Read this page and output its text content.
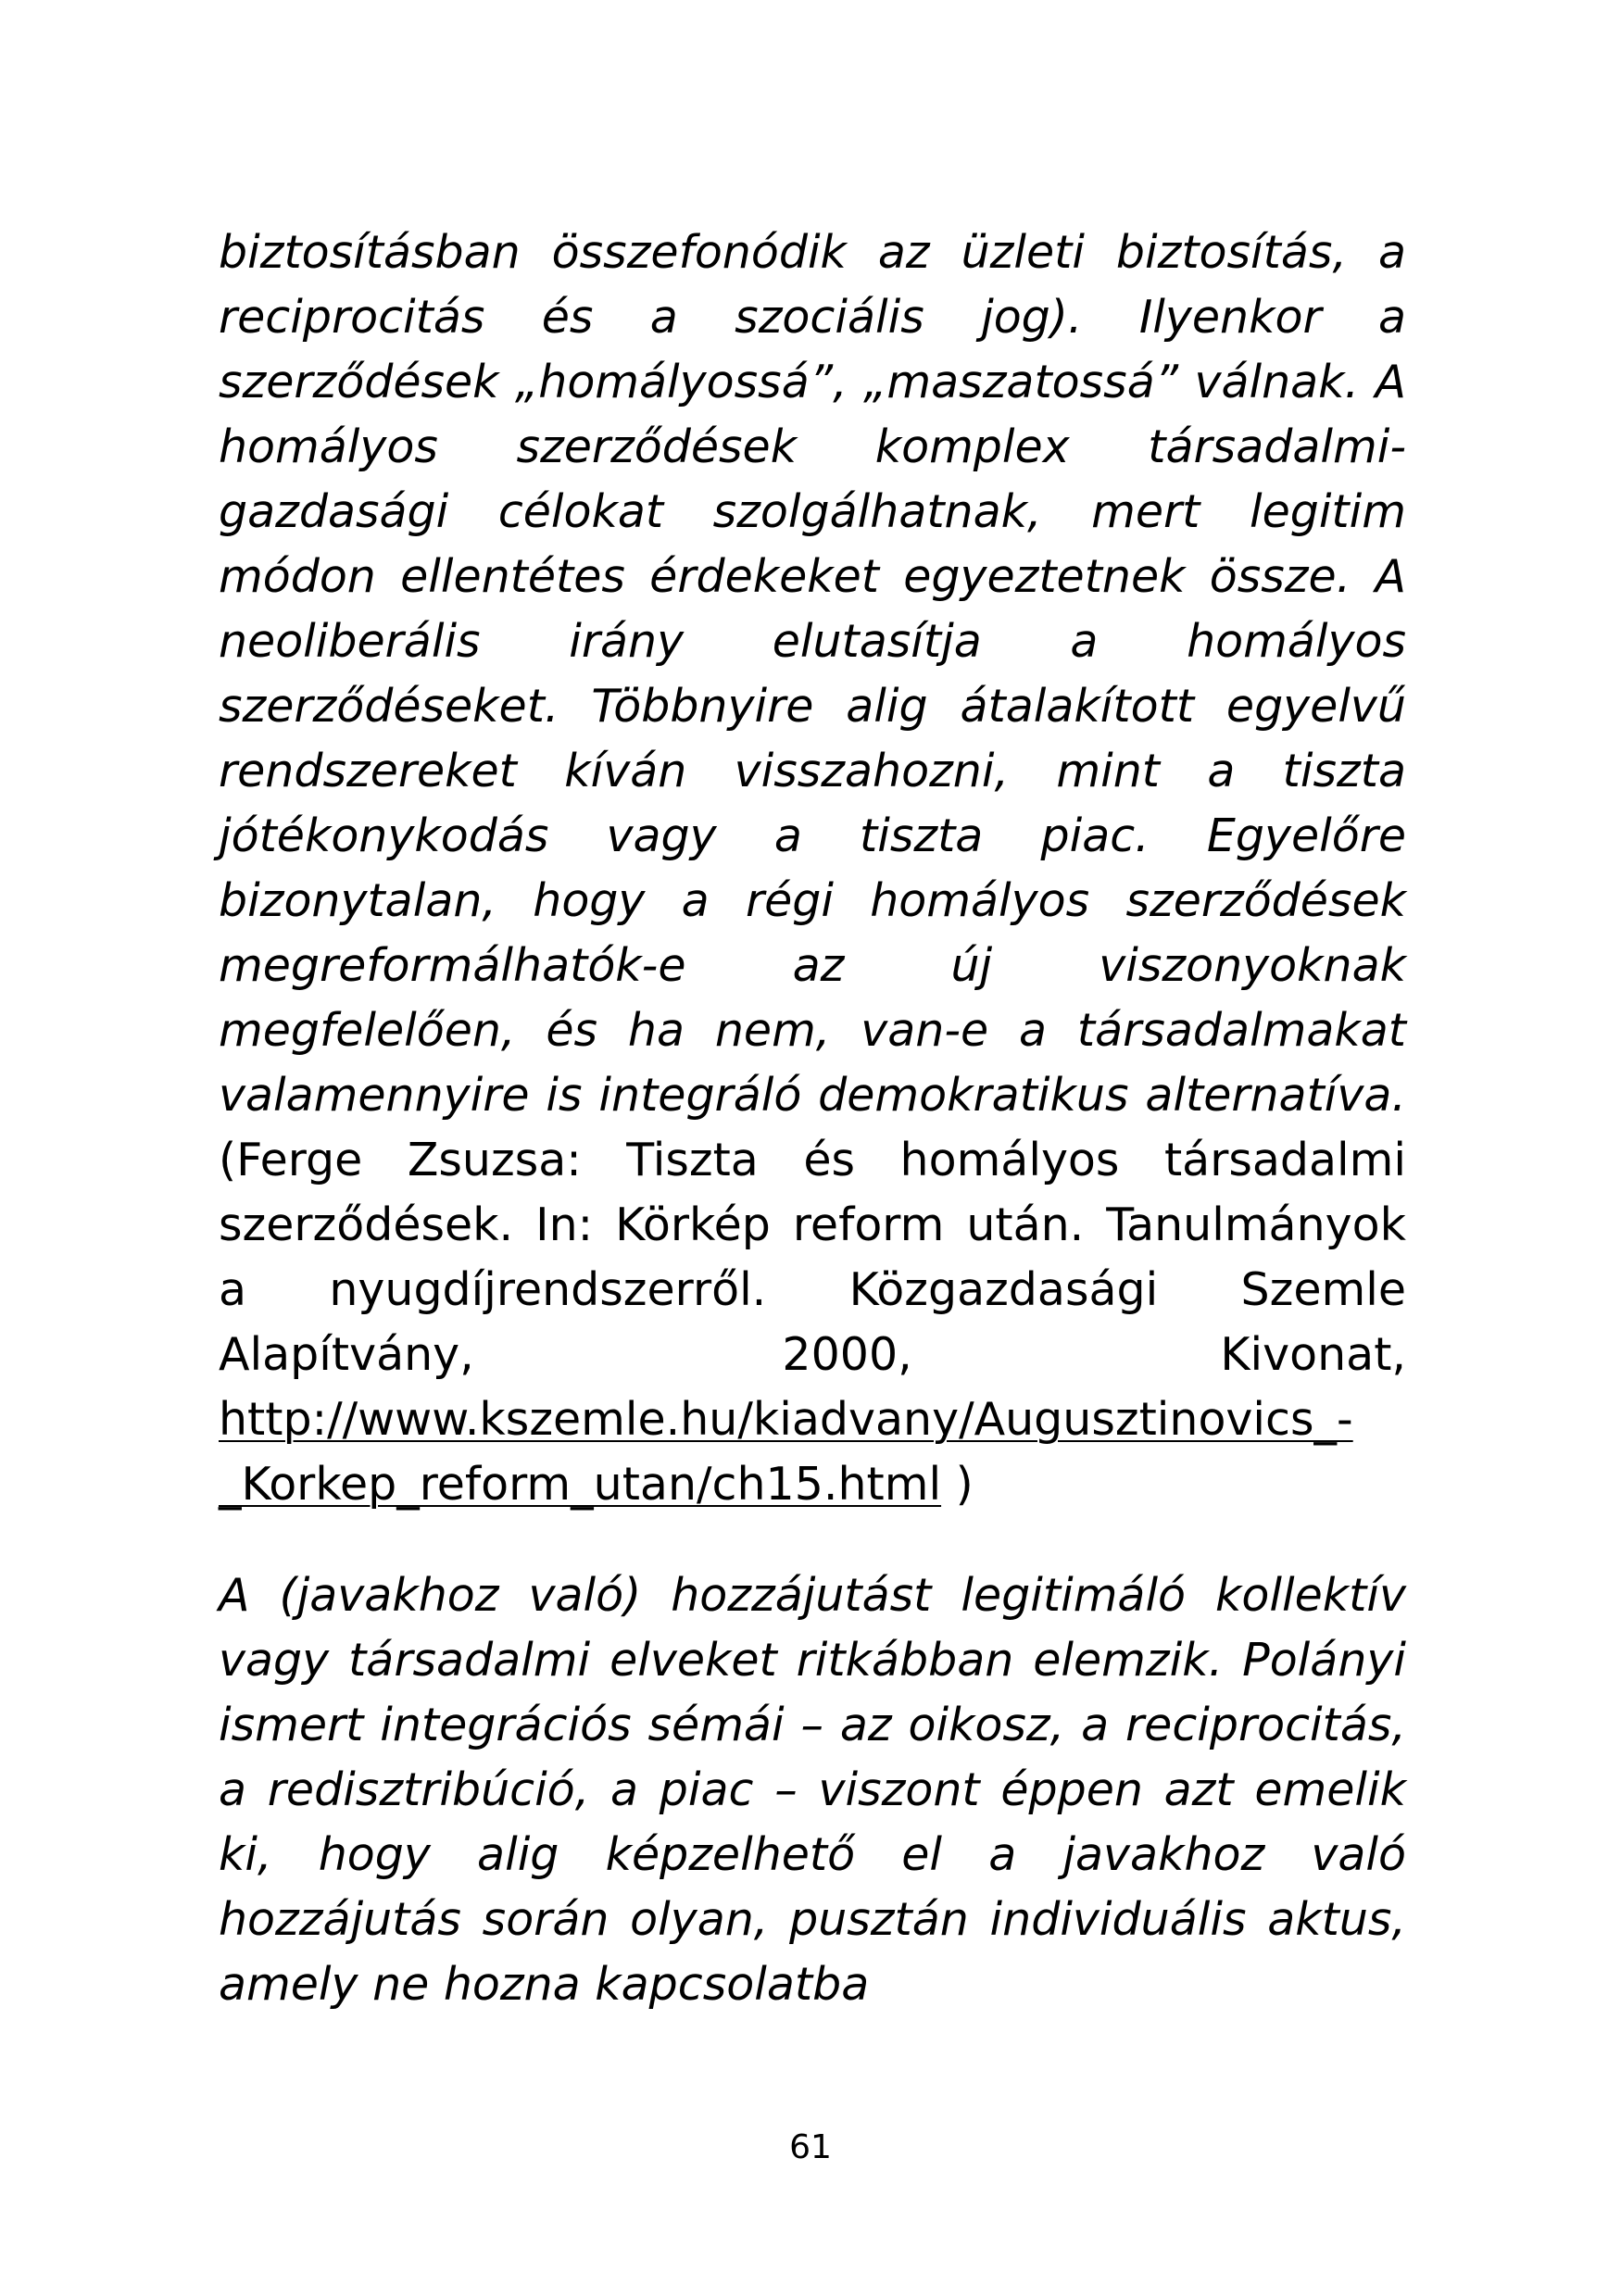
biztosításban összefonódik az üzleti biztosítás, a reciprocitás és a szociális jog). Ilyenkor a szerződések „homályossá”, „maszatossá” válnak. A homályos szerződések komplex társadalmi-gazdasági célokat szolgálhatnak, mert legitim módon ellentétes érdekeket egyeztetnek össze. A neoliberális irány elutasítja a homályos szerződéseket. Többnyire alig átalakított egyelvű rendszereket kíván visszahozni, mint a tiszta jótékonykodás vagy a tiszta piac. Egyelőre bizonytalan, hogy a régi homályos szerződések megreformálhatók-e az új viszonyoknak megfelelően, és ha nem, van-e a társadalmakat valamennyire is integráló demokratikus alternatíva. (Ferge Zsuzsa: Tiszta és homályos társadalmi szerződések. In: Körkép reform után. Tanulmányok a nyugdíjrendszerről. Közgazdasági Szemle Alapítvány, 2000, Kivonat, http://www.kszemle.hu/kiadvany/Augusztinovics_-_Korkep_reform_utan/ch15.html )

A (javakhoz való) hozzájutást legitimáló kollektív vagy társadalmi elveket ritkábban elemzik. Polányi ismert integrációs sémái – az oikosz, a reciprocitás, a redisztribúció, a piac – viszont éppen azt emelik ki, hogy alig képzelhető el a javakhoz való hozzájutás során olyan, pusztán individuális aktus, amely ne hozna kapcsolatba

61
